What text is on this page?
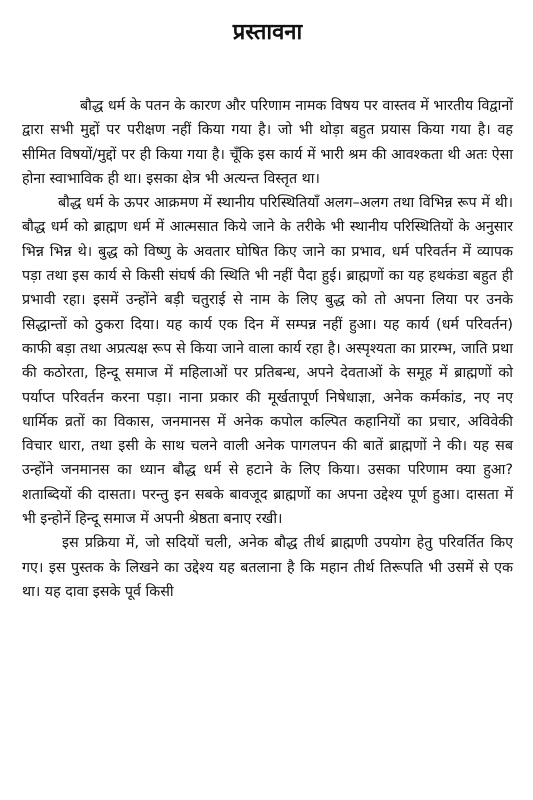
प्रस्तावना

बौद्ध धर्म के पतन के कारण और परिणाम नामक विषय पर वास्तव में भारतीय विद्वानों द्वारा सभी मुद्दों पर परीक्षण नहीं किया गया है। जो भी थोड़ा बहुत प्रयास किया गया है। वह सीमित विषयों/मुद्दों पर ही किया गया है। चूँकि इस कार्य में भारी श्रम की आवश्कता थी अतः ऐसा होना स्वाभाविक ही था। इसका क्षेत्र भी अत्यन्त विस्तृत था।

बौद्ध धर्म के ऊपर आक्रमण में स्थानीय परिस्थितियाँ अलग–अलग तथा विभिन्न रूप में थी। बौद्ध धर्म को ब्राह्मण धर्म में आत्मसात किये जाने के तरीके भी स्थानीय परिस्थितियों के अनुसार भिन्न भिन्न थे। बुद्ध को विष्णु के अवतार घोषित किए जाने का प्रभाव, धर्म परिवर्तन में व्यापक पड़ा तथा इस कार्य से किसी संघर्ष की स्थिति भी नहीं पैदा हुई। ब्राह्मणों का यह हथकंडा बहुत ही प्रभावी रहा। इसमें उन्होंने बड़ी चतुराई से नाम के लिए बुद्ध को तो अपना लिया पर उनके सिद्धान्तों को ठुकरा दिया। यह कार्य एक दिन में सम्पन्न नहीं हुआ। यह कार्य (धर्म परिवर्तन) काफी बड़ा तथा अप्रत्यक्ष रूप से किया जाने वाला कार्य रहा है। अस्पृश्यता का प्रारम्भ, जाति प्रथा की कठोरता, हिन्दू समाज में महिलाओं पर प्रतिबन्ध, अपने देवताओं के समूह में ब्राह्मणों को पर्याप्त परिवर्तन करना पड़ा। नाना प्रकार की मूर्खतापूर्ण निषेधाज्ञा, अनेक कर्मकांड, नए नए धार्मिक व्रतों का विकास, जनमानस में अनेक कपोल कल्पित कहानियों का प्रचार, अविवेकी विचार धारा, तथा इसी के साथ चलने वाली अनेक पागलपन की बातें ब्राह्मणों ने की। यह सब उन्होंने जनमानस का ध्यान बौद्ध धर्म से हटाने के लिए किया। उसका परिणाम क्या हुआ? शताब्दियों की दासता। परन्तु इन सबके बावजूद ब्राह्मणों का अपना उद्देश्य पूर्ण हुआ। दासता में भी इन्होनें हिन्दू समाज में अपनी श्रेष्ठता बनाए रखी।

इस प्रक्रिया में, जो सदियों चली, अनेक बौद्ध तीर्थ ब्राह्मणी उपयोग हेतु परिवर्तित किए गए। इस पुस्तक के लिखने का उद्देश्य यह बतलाना है कि महान तीर्थ तिरूपति भी उसमें से एक था। यह दावा इसके पूर्व किसी
